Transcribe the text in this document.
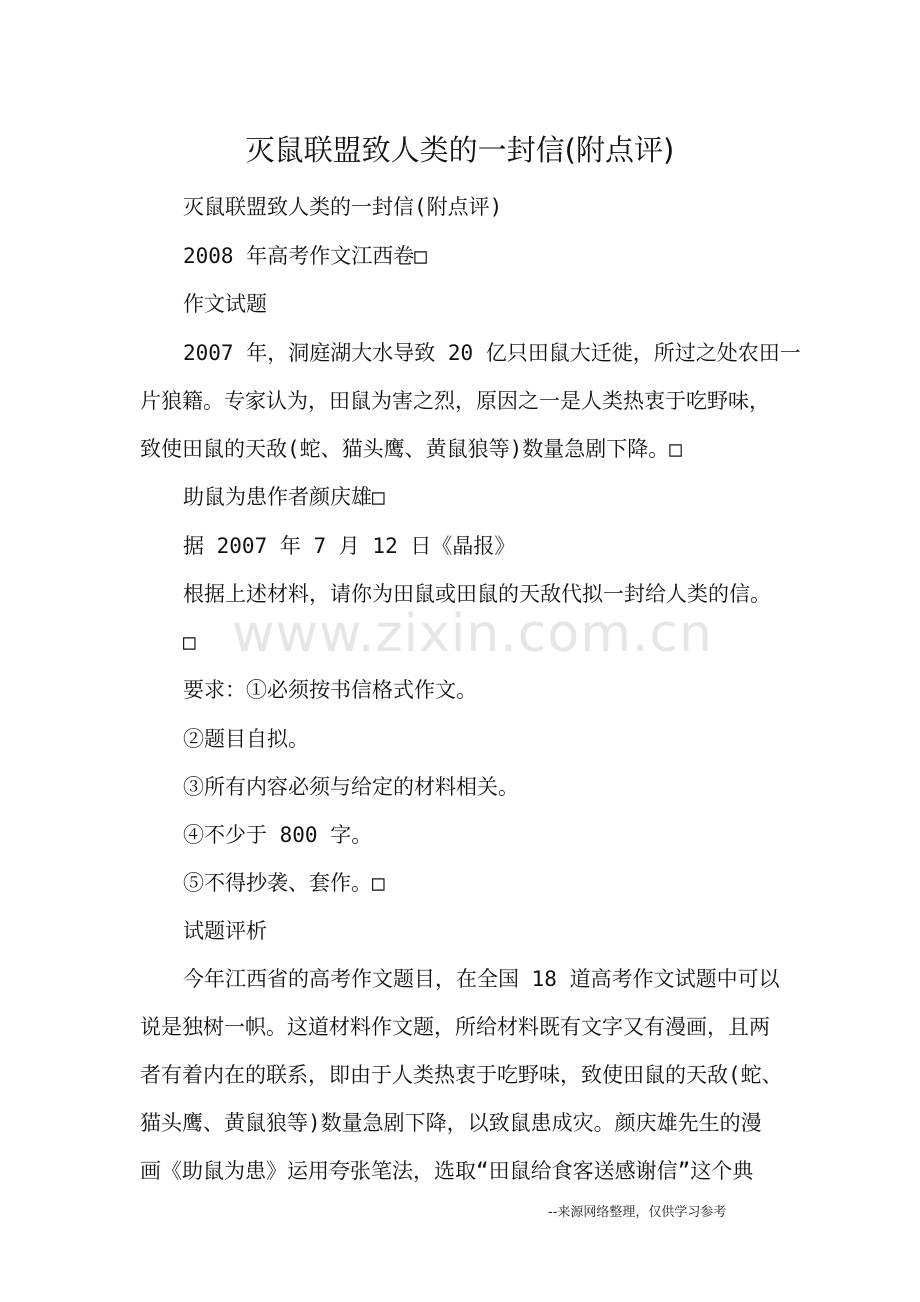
www.zixin.com.cn
灭鼠联盟致人类的一封信(附点评)
灭鼠联盟致人类的一封信(附点评)
2008 年高考作文江西卷□
作文试题
2007 年，洞庭湖大水导致 20 亿只田鼠大迁徙，所过之处农田一
片狼籍。专家认为，田鼠为害之烈，原因之一是人类热衷于吃野味，
致使田鼠的天敌(蛇、猫头鹰、黄鼠狼等)数量急剧下降。□
助鼠为患作者颜庆雄□
据 2007 年 7 月 12 日《晶报》
根据上述材料，请你为田鼠或田鼠的天敌代拟一封给人类的信。
□
要求：①必须按书信格式作文。
②题目自拟。
③所有内容必须与给定的材料相关。
④不少于 800 字。
⑤不得抄袭、套作。□
试题评析
今年江西省的高考作文题目，在全国 18 道高考作文试题中可以
说是独树一帜。这道材料作文题，所给材料既有文字又有漫画，且两
者有着内在的联系，即由于人类热衷于吃野味，致使田鼠的天敌(蛇、
猫头鹰、黄鼠狼等)数量急剧下降，以致鼠患成灾。颜庆雄先生的漫
画《助鼠为患》运用夸张笔法，选取“田鼠给食客送感谢信”这个典
--来源网络整理，仅供学习参考
